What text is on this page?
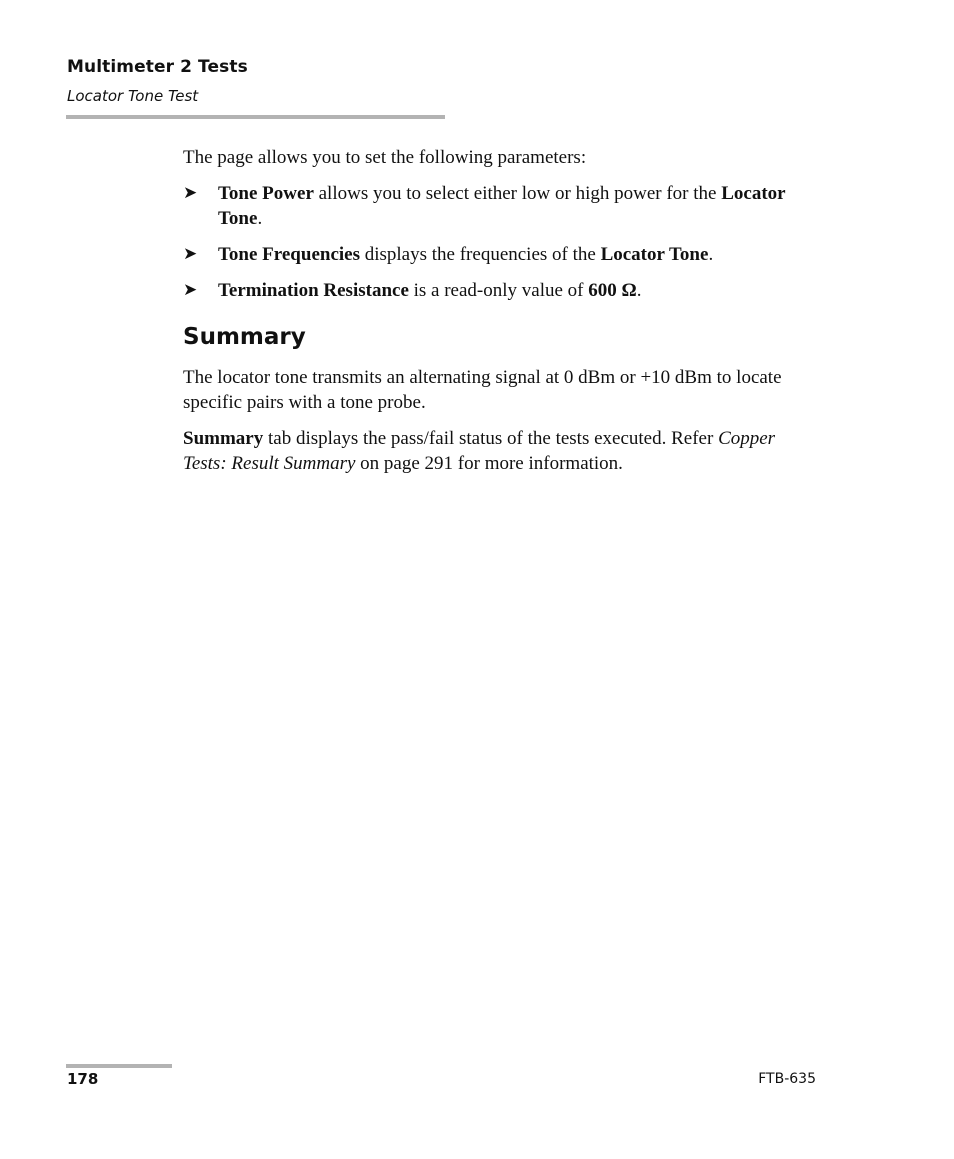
Multimeter 2 Tests
Locator Tone Test

The page allows you to set the following parameters:

➤ Tone Power allows you to select either low or high power for the Locator Tone.
➤ Tone Frequencies displays the frequencies of the Locator Tone.
➤ Termination Resistance is a read-only value of 600 Ω.
Summary

The locator tone transmits an alternating signal at 0 dBm or +10 dBm to locate specific pairs with a tone probe.

Summary tab displays the pass/fail status of the tests executed. Refer Copper Tests: Result Summary on page 291 for more information.

178	FTB-635
